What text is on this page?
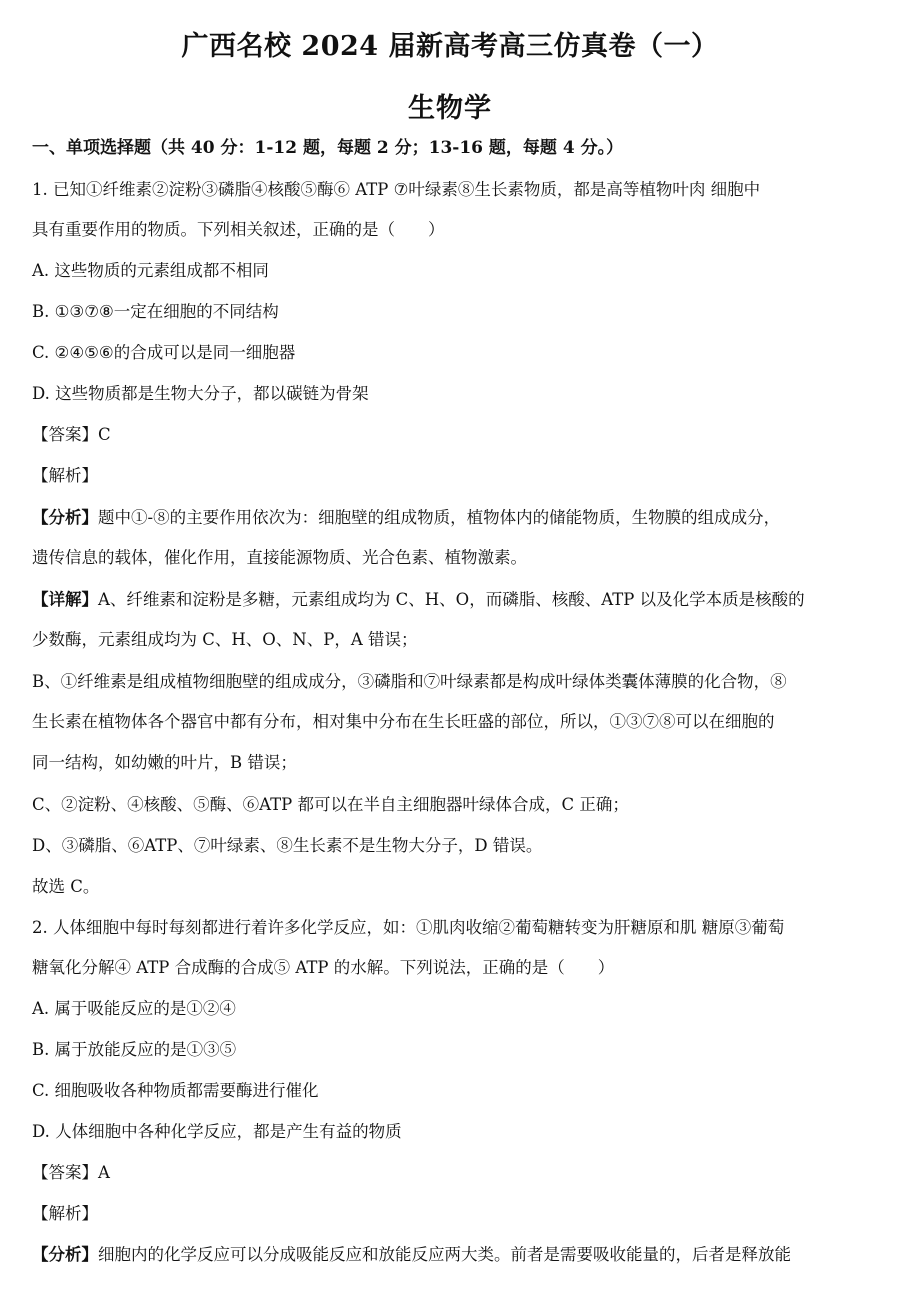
广西名校 2024 届新高考高三仿真卷（一）
生物学
一、单项选择题（共 40 分：1-12 题，每题 2 分；13-16 题，每题 4 分。）
1. 已知①纤维素②淀粉③磷脂④核酸⑤酶⑥ ATP ⑦叶绿素⑧生长素物质，都是高等植物叶肉 细胞中
具有重要作用的物质。下列相关叙述，正确的是（　　）
A. 这些物质的元素组成都不相同
B. ①③⑦⑧一定在细胞的不同结构
C. ②④⑤⑥的合成可以是同一细胞器
D. 这些物质都是生物大分子，都以碳链为骨架
【答案】C
【解析】
【分析】题中①-⑧的主要作用依次为：细胞壁的组成物质，植物体内的储能物质，生物膜的组成成分，
遗传信息的载体，催化作用，直接能源物质、光合色素、植物激素。
【详解】A、纤维素和淀粉是多糖，元素组成均为 C、H、O，而磷脂、核酸、ATP 以及化学本质是核酸的
少数酶，元素组成均为 C、H、O、N、P，A 错误；
B、①纤维素是组成植物细胞壁的组成成分，③磷脂和⑦叶绿素都是构成叶绿体类囊体薄膜的化合物，⑧
生长素在植物体各个器官中都有分布，相对集中分布在生长旺盛的部位，所以，①③⑦⑧可以在细胞的
同一结构，如幼嫩的叶片，B 错误；
C、②淀粉、④核酸、⑤酶、⑥ATP 都可以在半自主细胞器叶绿体合成，C 正确；
D、③磷脂、⑥ATP、⑦叶绿素、⑧生长素不是生物大分子，D 错误。
故选 C。
2. 人体细胞中每时每刻都进行着许多化学反应，如：①肌肉收缩②葡萄糖转变为肝糖原和肌 糖原③葡萄
糖氧化分解④ ATP 合成酶的合成⑤ ATP 的水解。下列说法，正确的是（　　）
A. 属于吸能反应的是①②④
B. 属于放能反应的是①③⑤
C. 细胞吸收各种物质都需要酶进行催化
D. 人体细胞中各种化学反应，都是产生有益的物质
【答案】A
【解析】
【分析】细胞内的化学反应可以分成吸能反应和放能反应两大类。前者是需要吸收能量的，后者是释放能
